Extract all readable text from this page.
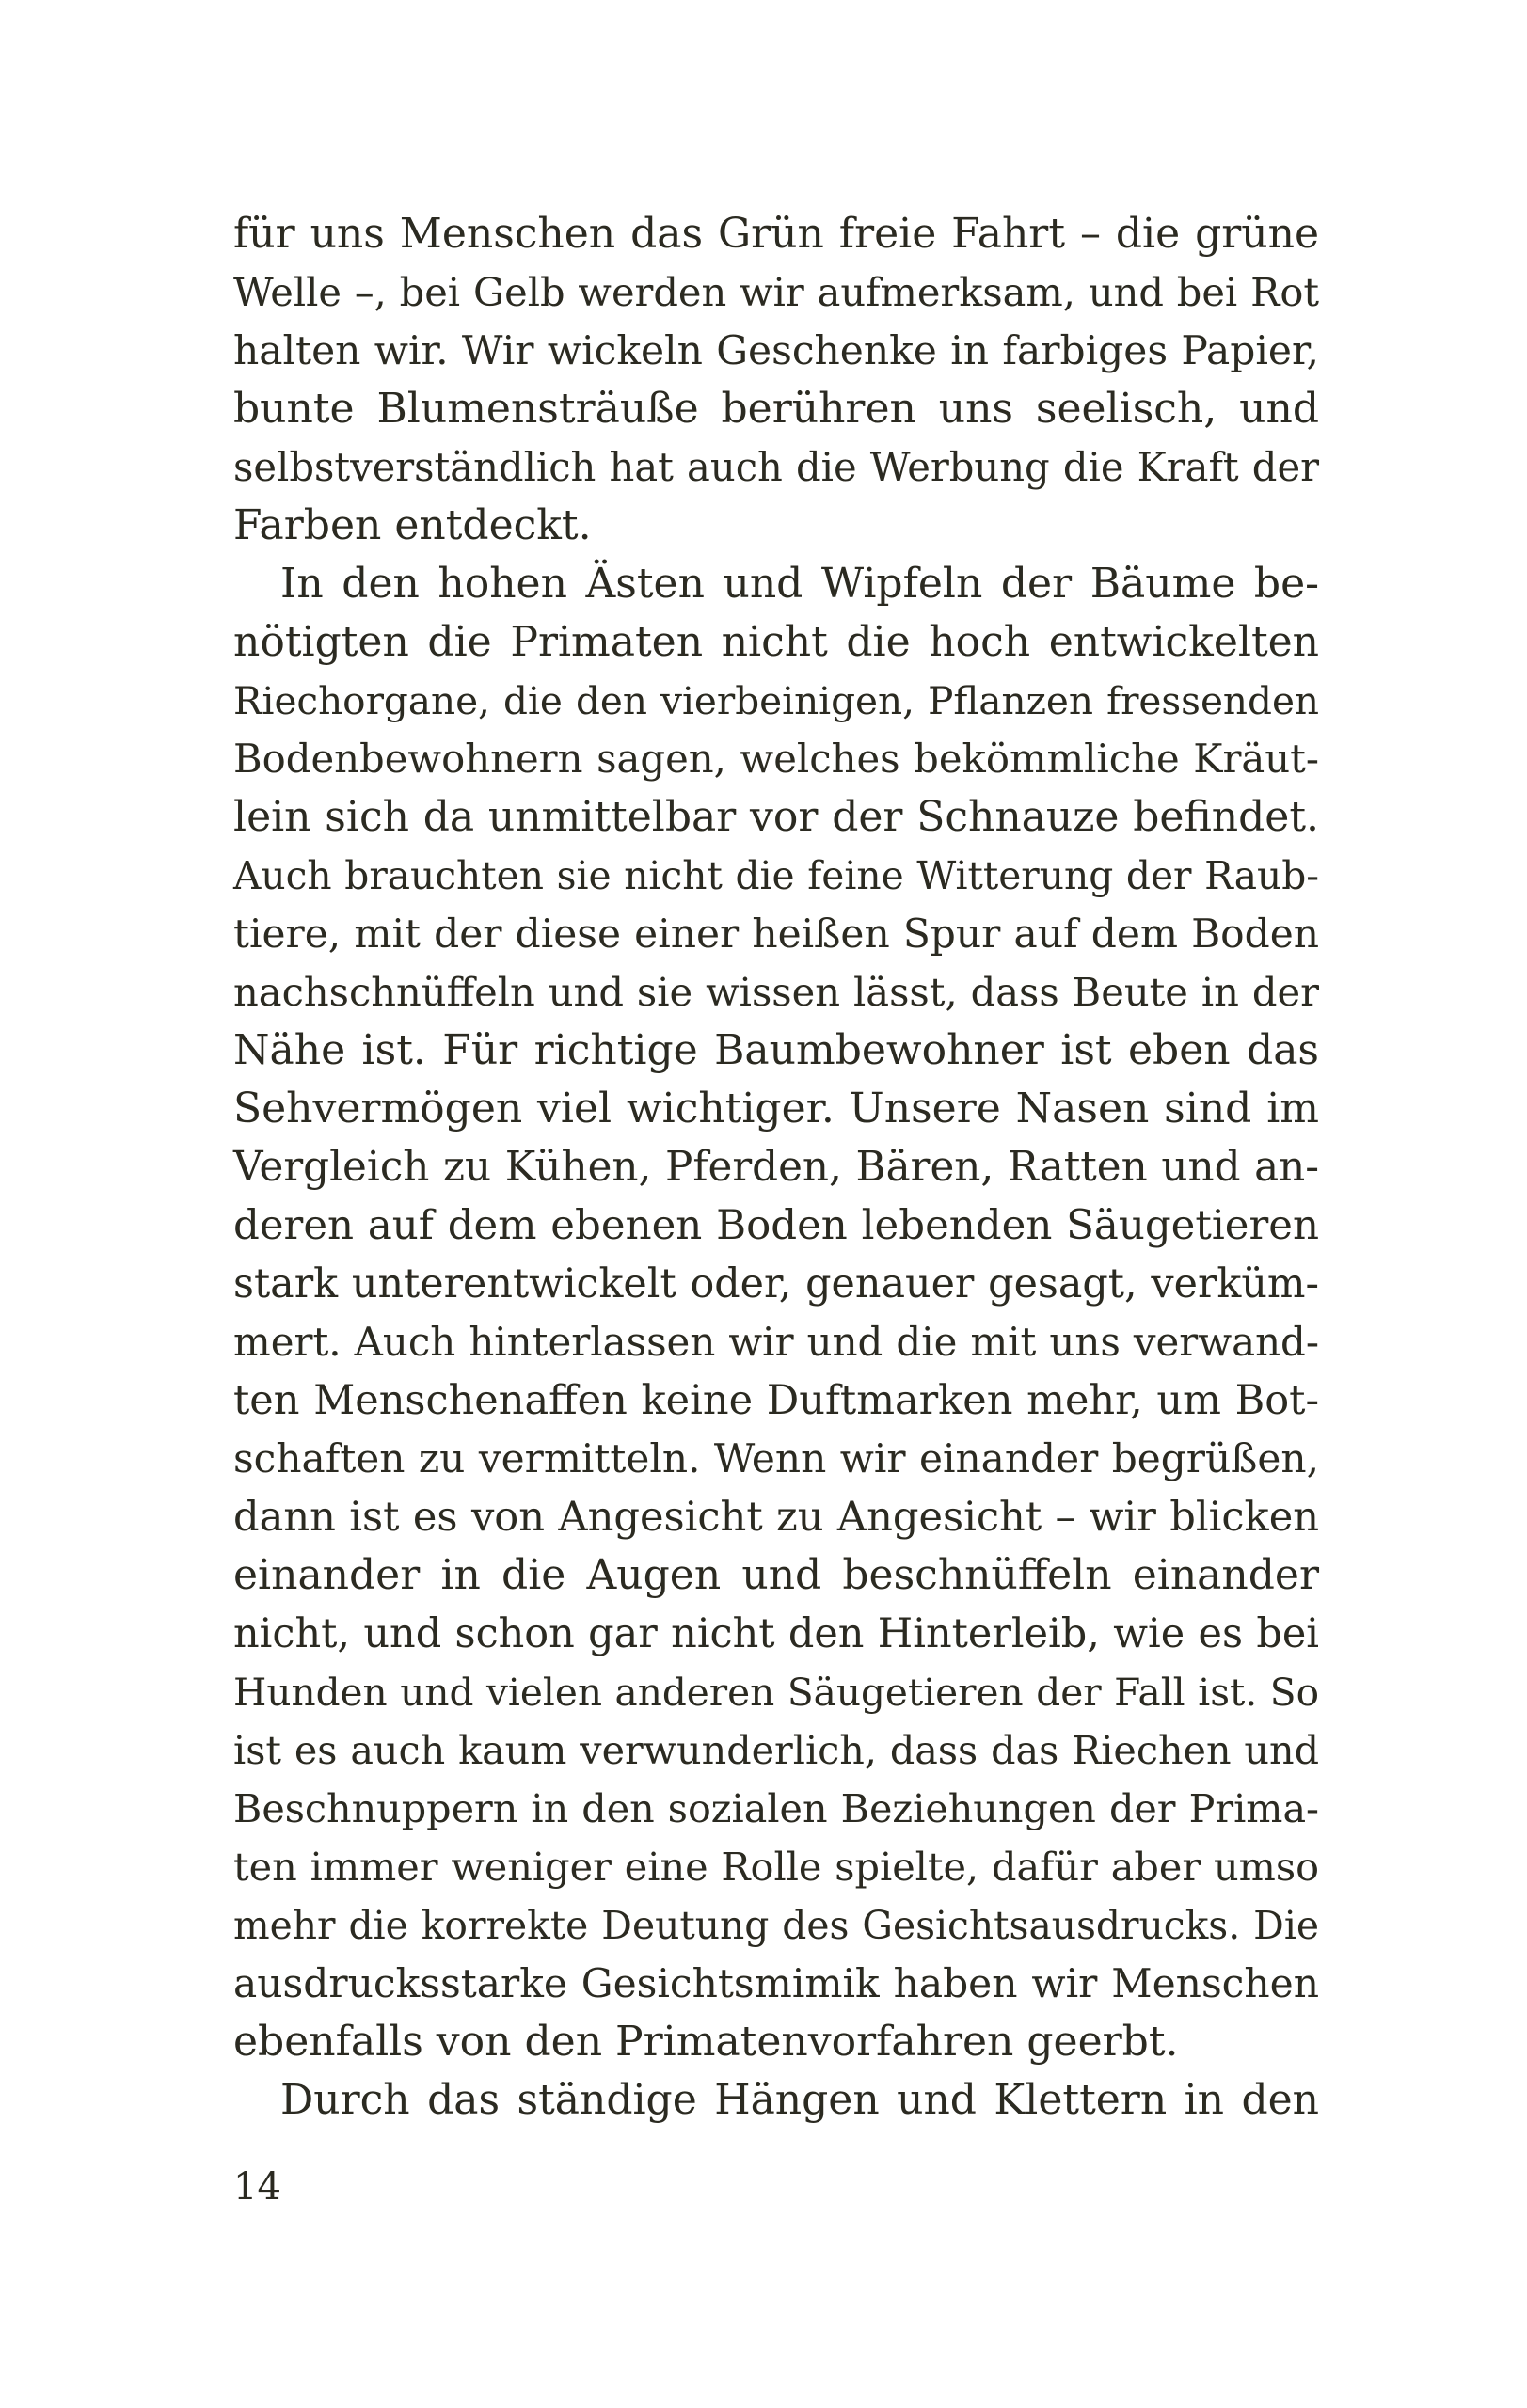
für uns Menschen das Grün freie Fahrt – die grüne
Welle –, bei Gelb werden wir aufmerksam, und bei Rot
halten wir. Wir wickeln Geschenke in farbiges Papier,
bunte Blumensträuße berühren uns seelisch, und
selbstverständlich hat auch die Werbung die Kraft der
Farben entdeckt.
In den hohen Ästen und Wipfeln der Bäume be-
nötigten die Primaten nicht die hoch entwickelten
Riechorgane, die den vierbeinigen, Pflanzen fressenden
Bodenbewohnern sagen, welches bekömmliche Kräut-
lein sich da unmittelbar vor der Schnauze befindet.
Auch brauchten sie nicht die feine Witterung der Raub-
tiere, mit der diese einer heißen Spur auf dem Boden
nachschnüffeln und sie wissen lässt, dass Beute in der
Nähe ist. Für richtige Baumbewohner ist eben das
Sehvermögen viel wichtiger. Unsere Nasen sind im
Vergleich zu Kühen, Pferden, Bären, Ratten und an-
deren auf dem ebenen Boden lebenden Säugetieren
stark unterentwickelt oder, genauer gesagt, verküm-
mert. Auch hinterlassen wir und die mit uns verwand-
ten Menschenaffen keine Duftmarken mehr, um Bot-
schaften zu vermitteln. Wenn wir einander begrüßen,
dann ist es von Angesicht zu Angesicht – wir blicken
einander in die Augen und beschnüffeln einander
nicht, und schon gar nicht den Hinterleib, wie es bei
Hunden und vielen anderen Säugetieren der Fall ist. So
ist es auch kaum verwunderlich, dass das Riechen und
Beschnuppern in den sozialen Beziehungen der Prima-
ten immer weniger eine Rolle spielte, dafür aber umso
mehr die korrekte Deutung des Gesichtsausdrucks. Die
ausdrucksstarke Gesichtsmimik haben wir Menschen
ebenfalls von den Primatenvorfahren geerbt.
Durch das ständige Hängen und Klettern in den
14
